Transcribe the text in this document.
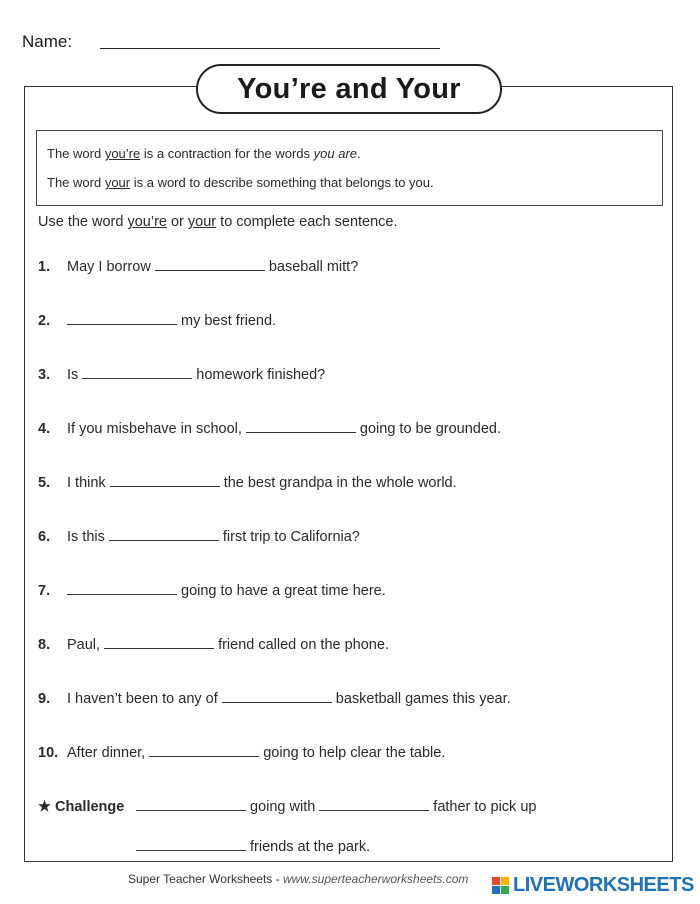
Name:
You’re and Your
The word you’re is a contraction for the words you are.
The word your is a word to describe something that belongs to you.
Use the word you’re or your to complete each sentence.
1. May I borrow	baseball mitt?
2.	my best friend.
3. Is	homework finished?
4. If you misbehave in school,	going to be grounded.
5. I think	the best grandpa in the whole world.
6. Is this	first trip to California?
7.	going to have a great time here.
8. Paul,	friend called on the phone.
9. I haven’t been to any of	basketball games this year.
10. After dinner,	going to help clear the table.
★ Challenge	going with	father to pick up
friends at the park.
Super Teacher Worksheets - www.superteacherworksheets.com LIVEWORKSHEETS
